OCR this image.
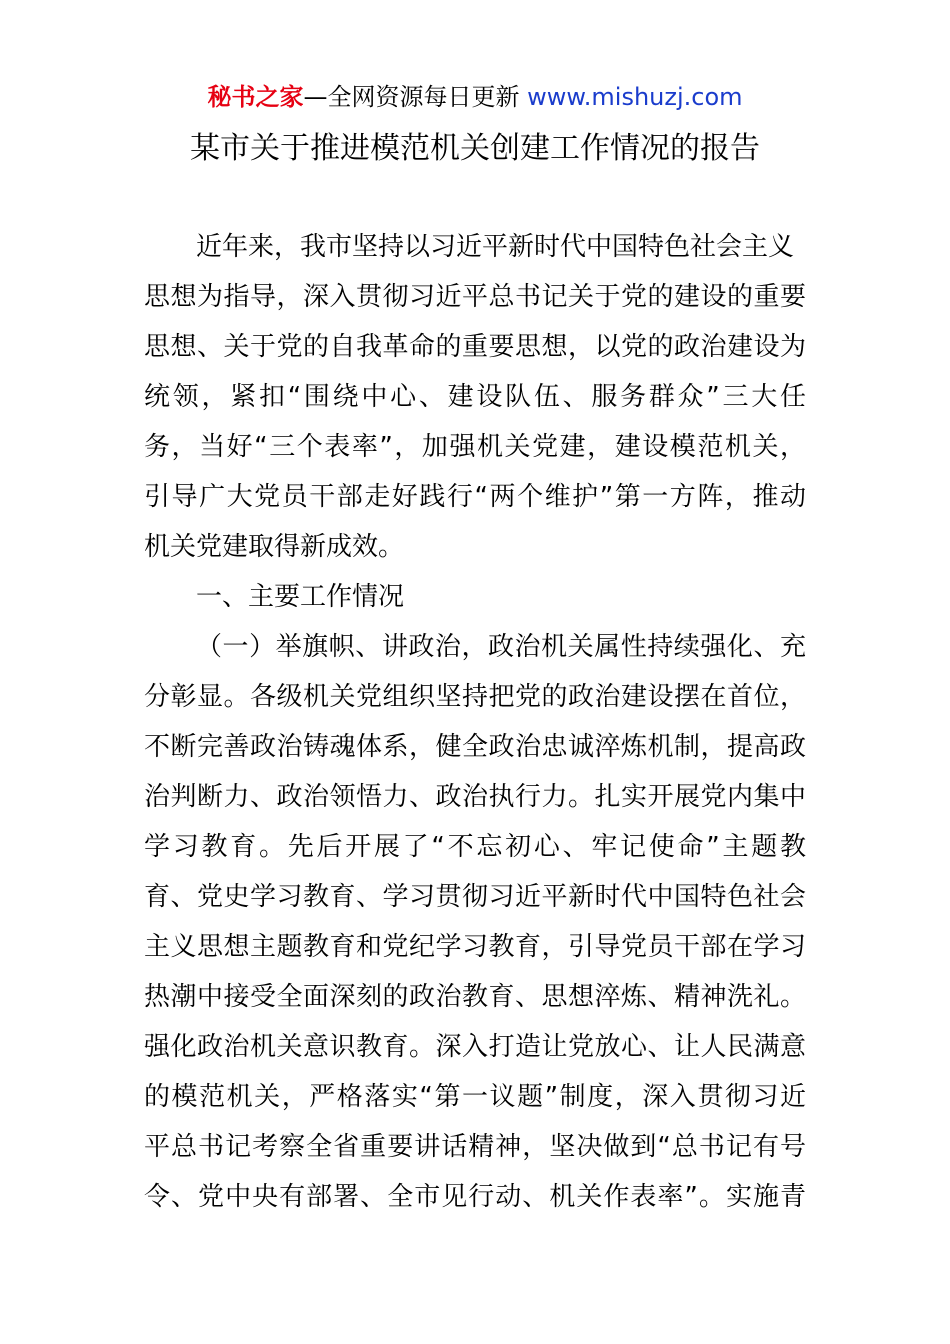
秘书之家—全网资源每日更新 www.mishuzj.com
某市关于推进模范机关创建工作情况的报告
近年来，我市坚持以习近平新时代中国特色社会主义
思想为指导，深入贯彻习近平总书记关于党的建设的重要
思想、关于党的自我革命的重要思想，以党的政治建设为
统领，紧扣“围绕中心、建设队伍、服务群众”三大任
务，当好“三个表率”，加强机关党建，建设模范机关，
引导广大党员干部走好践行“两个维护”第一方阵，推动
机关党建取得新成效。
一、主要工作情况
（一）举旗帜、讲政治，政治机关属性持续强化、充
分彰显。各级机关党组织坚持把党的政治建设摆在首位，
不断完善政治铸魂体系，健全政治忠诚淬炼机制，提高政
治判断力、政治领悟力、政治执行力。扎实开展党内集中
学习教育。先后开展了“不忘初心、牢记使命”主题教
育、党史学习教育、学习贯彻习近平新时代中国特色社会
主义思想主题教育和党纪学习教育，引导党员干部在学习
热潮中接受全面深刻的政治教育、思想淬炼、精神洗礼。
强化政治机关意识教育。深入打造让党放心、让人民满意
的模范机关，严格落实“第一议题”制度，深入贯彻习近
平总书记考察全省重要讲话精神，坚决做到“总书记有号
令、党中央有部署、全市见行动、机关作表率”。实施青
